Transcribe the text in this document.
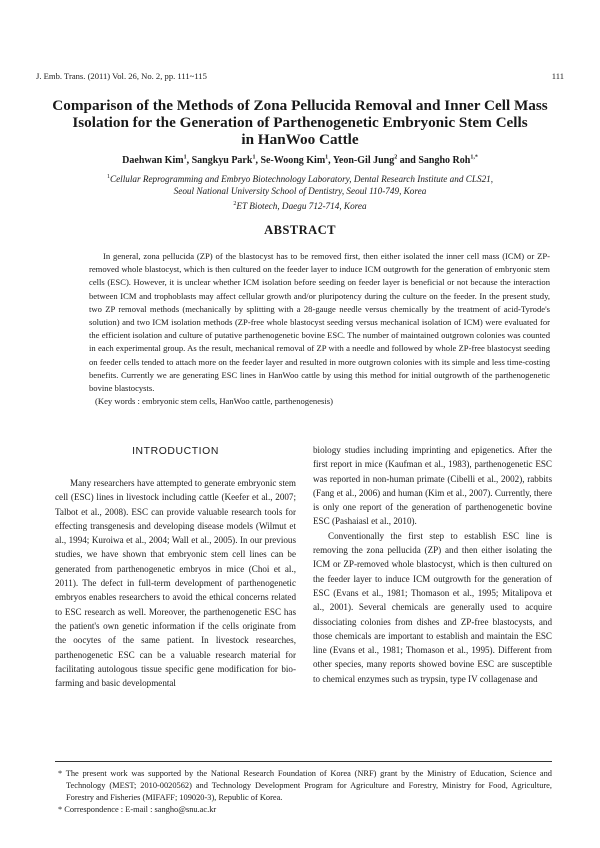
J. Emb. Trans. (2011) Vol. 26, No. 2, pp. 111~115	111
Comparison of the Methods of Zona Pellucida Removal and Inner Cell Mass
Isolation for the Generation of Parthenogenetic Embryonic Stem Cells
in HanWoo Cattle
Daehwan Kim$^1$, Sangkyu Park$^1$, Se-Woong Kim$^1$, Yeon-Gil Jung$^2$ and Sangho Roh$^{1,*}$
$^1$Cellular Reprogramming and Embryo Biotechnology Laboratory, Dental Research Institute and CLS21,
Seoul National University School of Dentistry, Seoul 110-749, Korea
$^2$ET Biotech, Daegu 712-714, Korea
ABSTRACT

In general, zona pellucida (ZP) of the blastocyst has to be removed first, then either isolated the inner cell mass (ICM) or ZP-removed whole blastocyst, which is then cultured on the feeder layer to induce ICM outgrowth for the generation of embryonic stem cells (ESC). However, it is unclear whether ICM isolation before seeding on feeder layer is beneficial or not because the interaction between ICM and trophoblasts may affect cellular growth and/or pluripotency during the culture on the feeder. In the present study, two ZP removal methods (mechanically by splitting with a 28-gauge needle versus chemically by the treatment of acid-Tyrode's solution) and two ICM isolation methods (ZP-free whole blastocyst seeding versus mechanical isolation of ICM) were evaluated for the efficient isolation and culture of putative parthenogenetic bovine ESC. The number of maintained outgrown colonies was counted in each experimental group. As the result, mechanical removal of ZP with a needle and followed by whole ZP-free blastocyst seeding on feeder cells tended to attach more on the feeder layer and resulted in more outgrown colonies with its simple and less time-costing benefits. Currently we are generating ESC lines in HanWoo cattle by using this method for initial outgrowth of the parthenogenetic bovine blastocysts.

(Key words : embryonic stem cells, HanWoo cattle, parthenogenesis)

INTRODUCTION

Many researchers have attempted to generate embryonic stem cell (ESC) lines in livestock including cattle (Keefer et al., 2007; Talbot et al., 2008). ESC can provide valuable research tools for effecting transgenesis and developing disease models (Wilmut et al., 1994; Kuroiwa et al., 2004; Wall et al., 2005). In our previous studies, we have shown that embryonic stem cell lines can be generated from parthenogenetic embryos in mice (Choi et al., 2011). The defect in full-term development of parthenogenetic embryos enables researchers to avoid the ethical concerns related to ESC research as well. Moreover, the parthenogenetic ESC has the patient's own genetic information if the cells originate from the oocytes of the same patient. In livestock researches, parthenogenetic ESC can be a valuable research material for facilitating autologous tissue specific gene modification for bio-farming and basic developmental

biology studies including imprinting and epigenetics. After the first report in mice (Kaufman et al., 1983), parthenogenetic ESC was reported in non-human primate (Cibelli et al., 2002), rabbits (Fang et al., 2006) and human (Kim et al., 2007). Currently, there is only one report of the generation of parthenogenetic bovine ESC (Pashaiasl et al., 2010).

Conventionally the first step to establish ESC line is removing the zona pellucida (ZP) and then either isolating the ICM or ZP-removed whole blastocyst, which is then cultured on the feeder layer to induce ICM outgrowth for the generation of ESC (Evans et al., 1981; Thomason et al., 1995; Mitalipova et al., 2001). Several chemicals are generally used to acquire dissociating colonies from dishes and ZP-free blastocysts, and those chemicals are important to establish and maintain the ESC line (Evans et al., 1981; Thomason et al., 1995). Different from other species, many reports showed bovine ESC are susceptible to chemical enzymes such as trypsin, type IV collagenase and

* The present work was supported by the National Research Foundation of Korea (NRF) grant by the Ministry of Education, Science and Technology (MEST; 2010-0020562) and Technology Development Program for Agriculture and Forestry, Ministry for Food, Agriculture, Forestry and Fisheries (MIFAFF; 109020-3), Republic of Korea.

* Correspondence : E-mail : sangho@snu.ac.kr
